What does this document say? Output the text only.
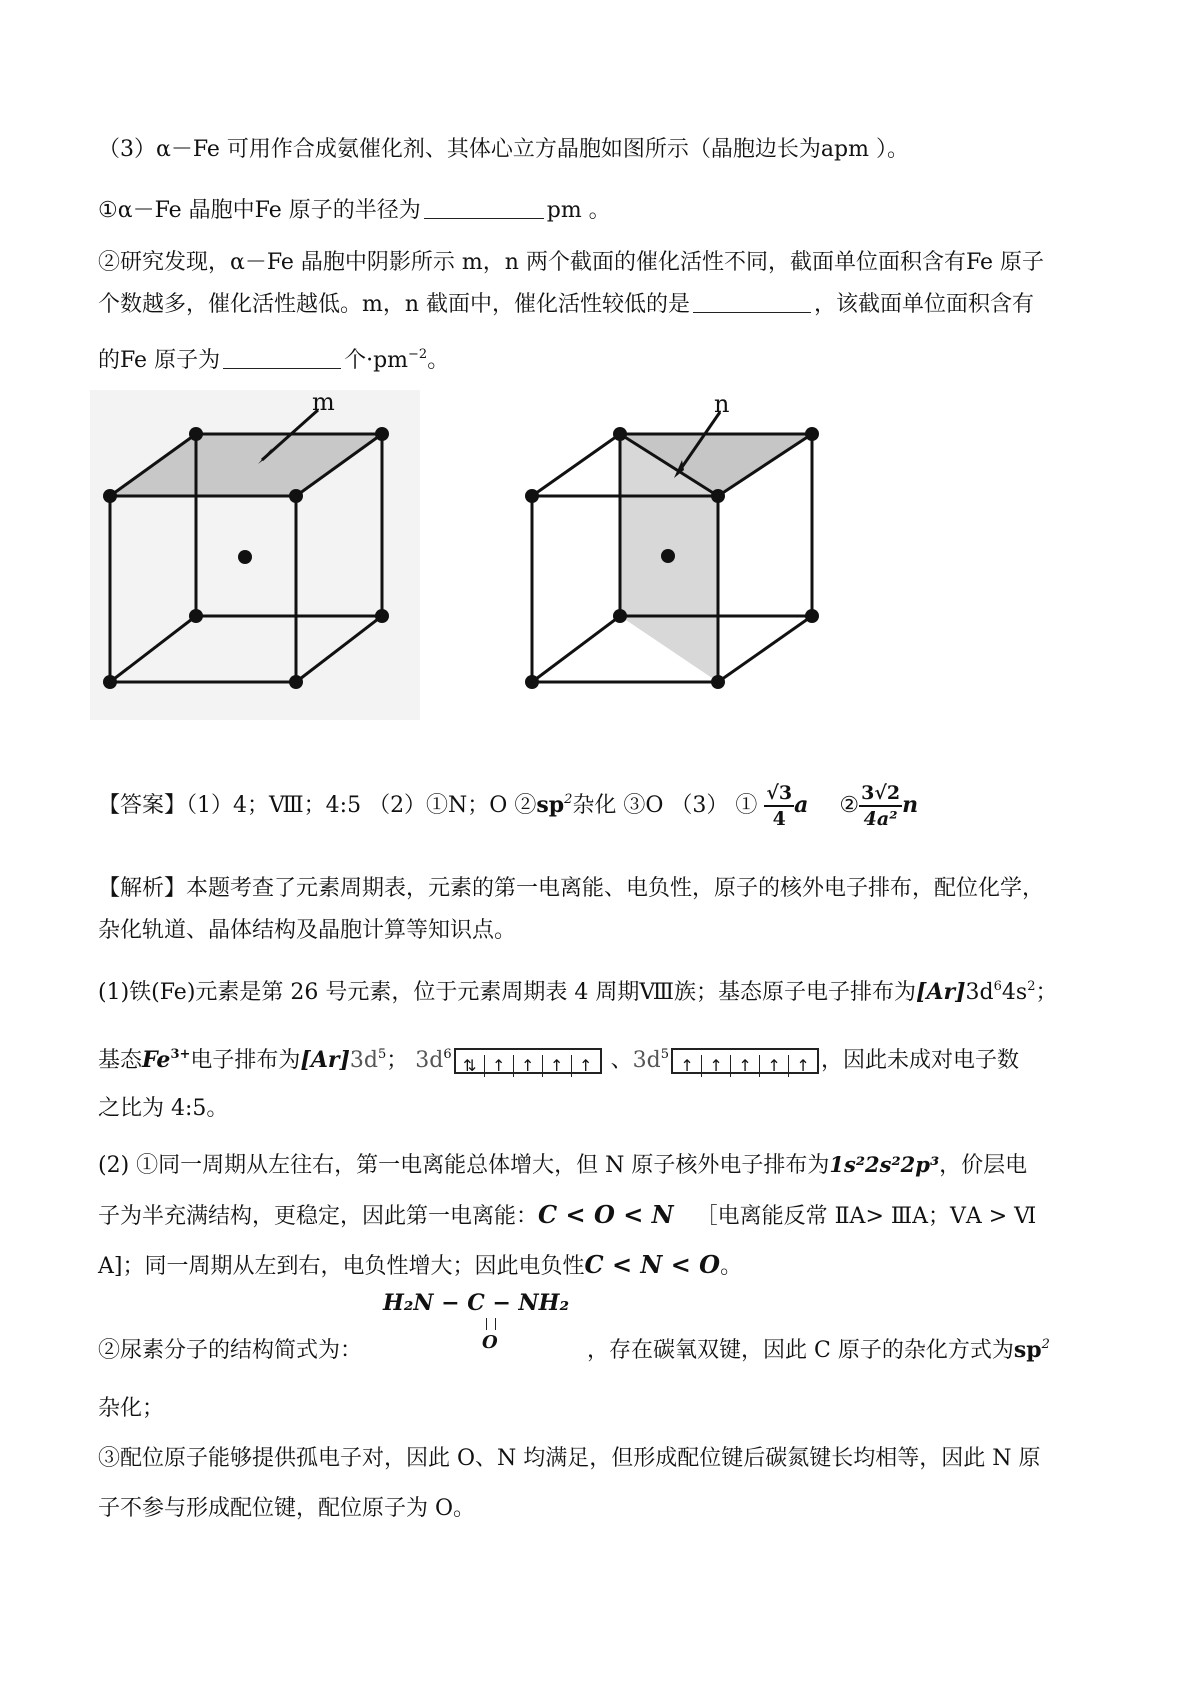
（3）α－Fe 可用作合成氨催化剂、其体心立方晶胞如图所示（晶胞边长为apm ）。
①α－Fe 晶胞中Fe 原子的半径为	pm 。
②研究发现，α－Fe 晶胞中阴影所示 m，n 两个截面的催化活性不同，截面单位面积含有Fe 原子
个数越多，催化活性越低。m，n 截面中，催化活性较低的是	，该截面单位面积含有
的Fe 原子为	个$\cdot pm^{-2}$。
m	n
【答案】（1）4；Ⅷ；4:5 （2）①N；O $②sp^2$杂化 ③O （3） ① $\frac{√3}{4}$ a ② $\frac{3√2}{\text{4a²}}$ n
【解析】本题考查了元素周期表，元素的第一电离能、电负性，原子的核外电子排布，配位化学，
杂化轨道、晶体结构及晶胞计算等知识点。
(1)铁(Fe)元素是第 26 号元素，位于元素周期表 4 周期Ⅷ族；基态原子电子排布为$[Ar]3d^64s^2$；
基态$Fe^{3+}$电子排布为$[Ar]3d^5$； $3d^6⇅$ ↑ ↑ ↑ ↑ 、$3d^5↑$ ↑ ↑ ↑ ↑ ，因此未成对电子数
之比为 4:5。
(2) ①同一周期从左往右，第一电离能总体增大，但 N 原子核外电子排布为1s²2s²2p³，价层电
子为半充满结构，更稳定，因此第一电离能：C < O < N ［电离能反常 ⅡA> ⅢA；ⅤA > Ⅵ
A]；同一周期从左到右，电负性增大；因此电负性C < N < O。
H₂N − C − NH₂
O
②尿素分子的结构简式为：	，存在碳氧双键，因此 C 原子的杂化方式为$sp^2$
杂化；
③配位原子能够提供孤电子对，因此 O、N 均满足，但形成配位键后碳氮键长均相等，因此 N 原
子不参与形成配位键，配位原子为 O。
